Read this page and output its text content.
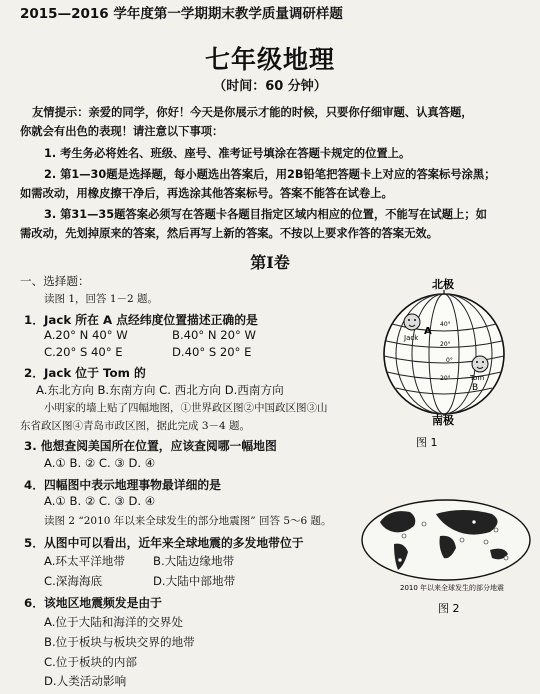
2015—2016 学年度第一学期期末教学质量调研样题
七年级地理
（时间：60 分钟）
友情提示：亲爱的同学，你好！今天是你展示才能的时候，只要你仔细审题、认真答题，
你就会有出色的表现！请注意以下事项：
1. 考生务必将姓名、班级、座号、准考证号填涂在答题卡规定的位置上。
2. 第1—30题是选择题，每小题选出答案后，用2B铅笔把答题卡上对应的答案标号涂黑；
如需改动，用橡皮擦干净后，再选涂其他答案标号。答案不能答在试卷上。
3. 第31—35题答案必须写在答题卡各题目指定区域内相应的位置，不能写在试题上；如
需改动，先划掉原来的答案，然后再写上新的答案。不按以上要求作答的答案无效。
第Ⅰ卷
一、选择题：
读图 1，回答 1－2 题。
1．Jack 所在 A 点经纬度位置描述正确的是
A.20° N 40° W	B.40° N 20° W
C.20° S 40° E	D.40° S 20° E
2．Jack 位于 Tom 的
A.东北方向 B.东南方向 C. 西北方向 D.西南方向
小明家的墙上贴了四幅地图，①世界政区图②中国政区图③山
东省政区图④青岛市政区图，据此完成 3－4 题。
3. 他想查阅美国所在位置，应该查阅哪一幅地图
A.① B. ② C. ③ D. ④
4．四幅图中表示地理事物最详细的是
A.① B. ② C. ③ D. ④
读图 2 “2010 年以来全球发生的部分地震图” 回答 5～6 题。
5．从图中可以看出，近年来全球地震的多发地带位于
A.环太平洋地带 B.大陆边缘地带
C.深海海底	D.大陆中部地带
6．该地区地震频发是由于
A.位于大陆和海洋的交界处
B.位于板块与板块交界的地带
C.位于板块的内部
D.人类活动影响
北极
Jack
A
Tom
B
40°
20°
0°
20°
南极
图 1
2010 年以来全球发生的部分地震
图 2
